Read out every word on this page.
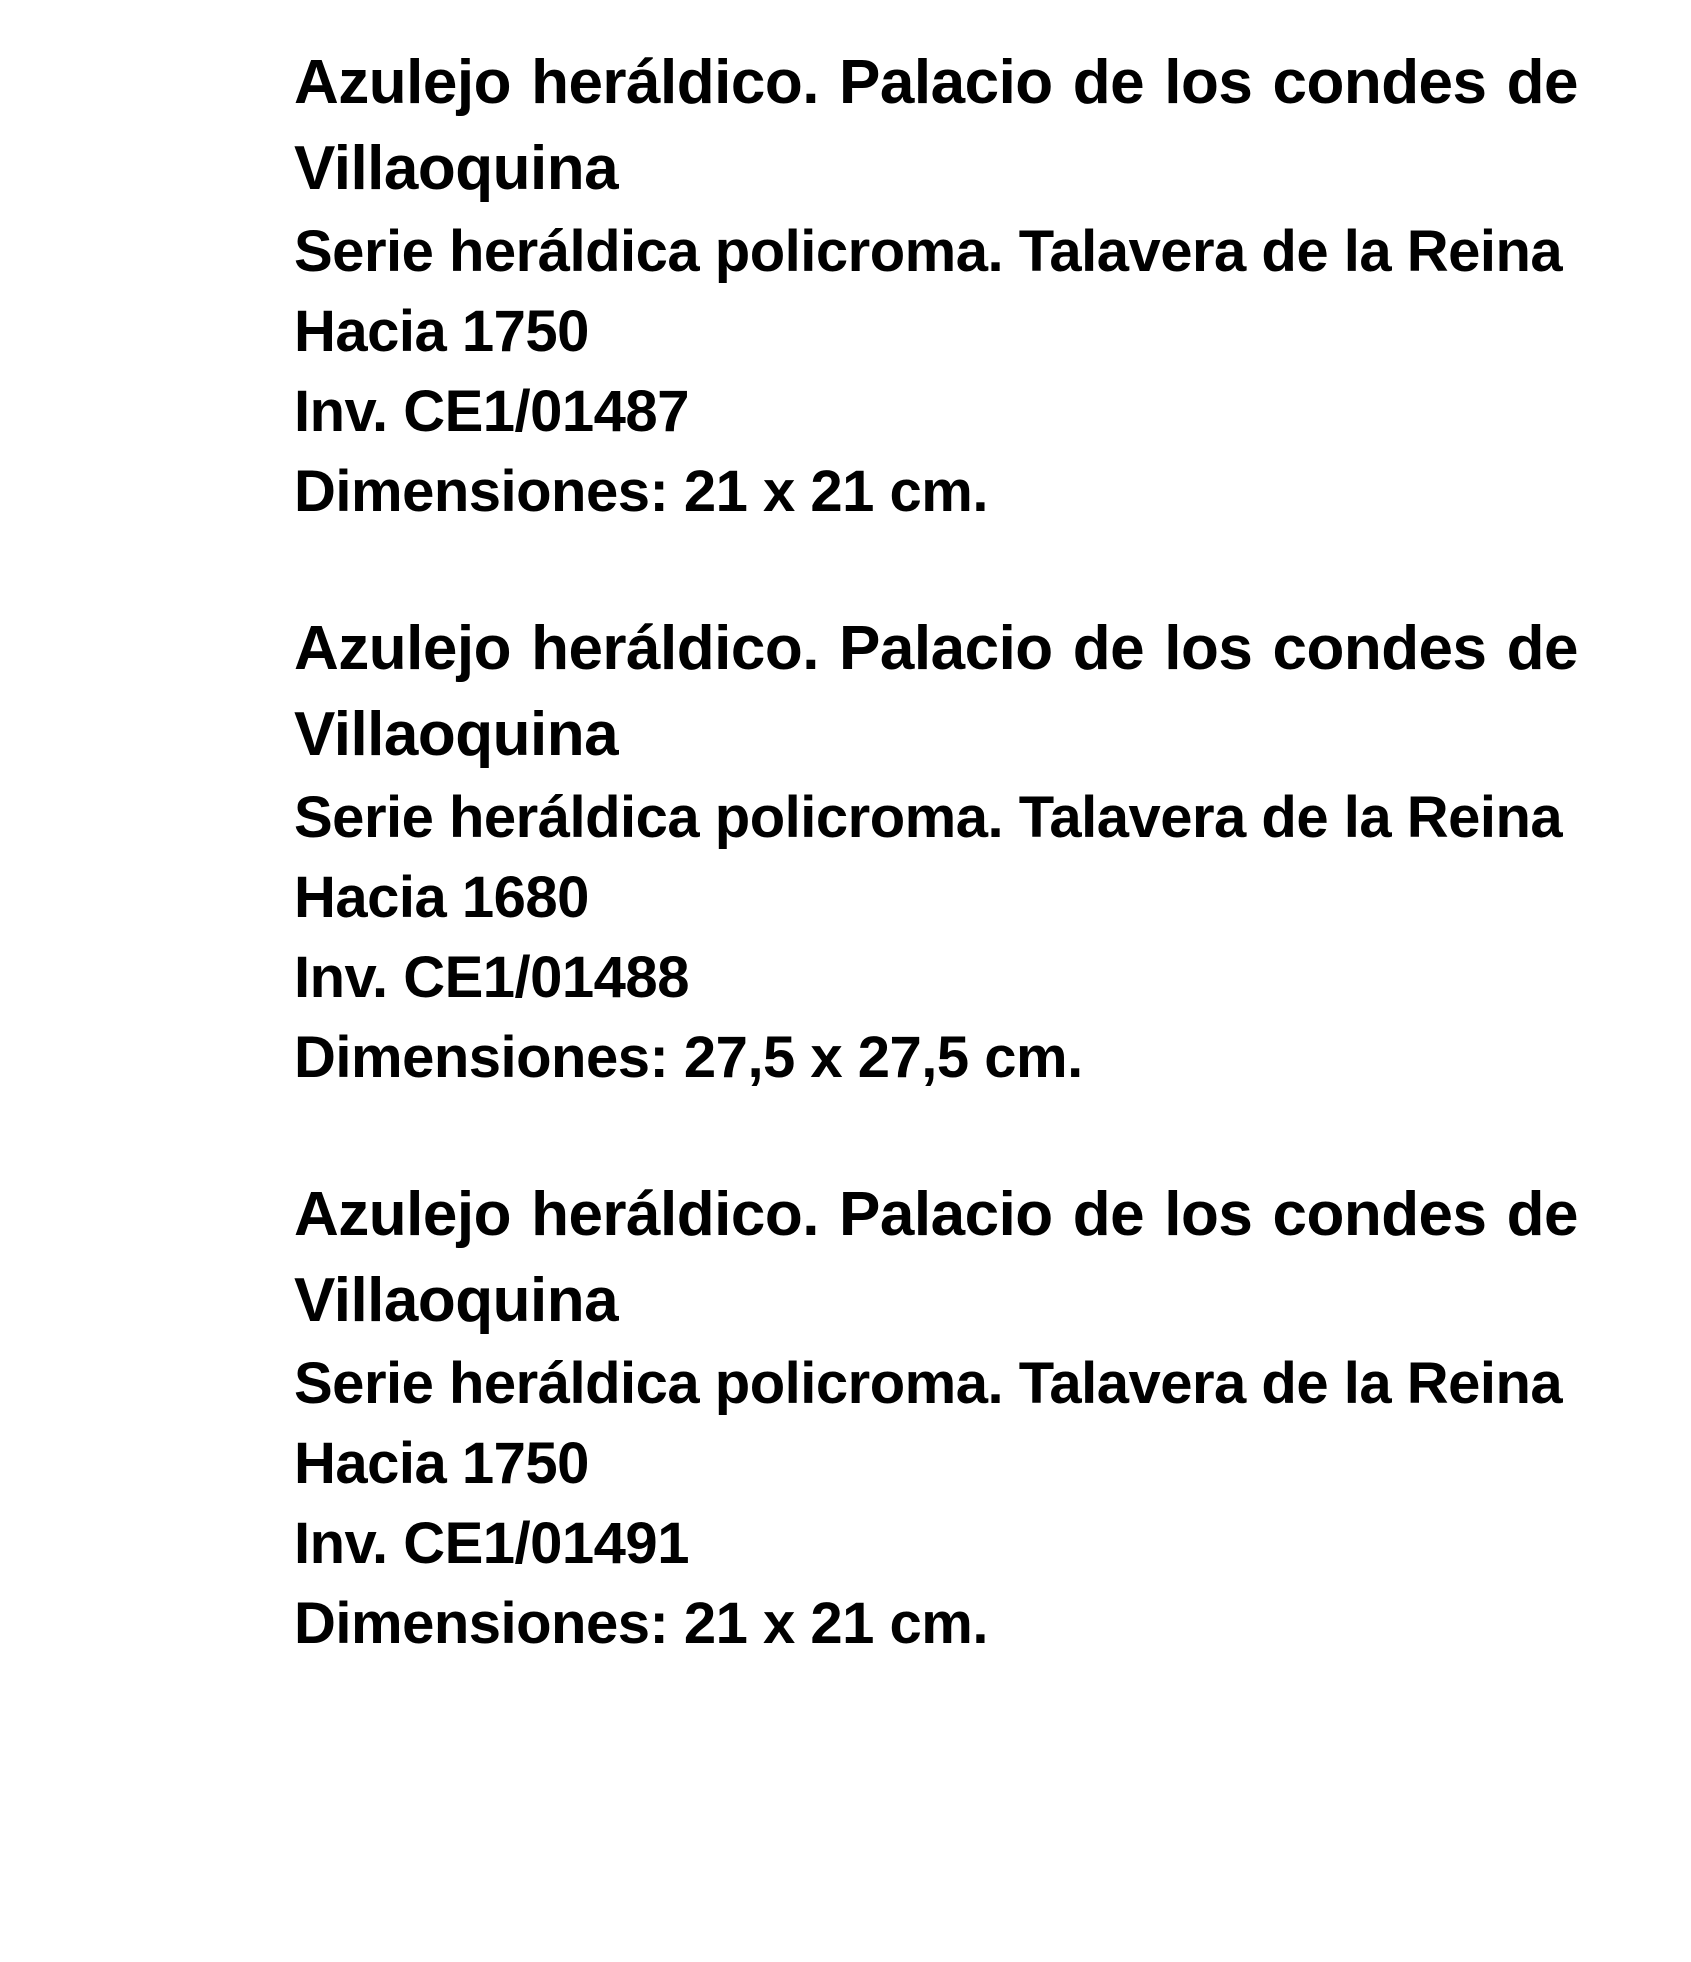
Azulejo heráldico. Palacio de los condes de Villaoquina

Serie heráldica policroma. Talavera de la Reina

Hacia 1750

Inv. CE1/01487

Dimensiones: 21 x 21 cm.

Azulejo heráldico. Palacio de los condes de Villaoquina

Serie heráldica policroma. Talavera de la Reina

Hacia 1680

Inv. CE1/01488

Dimensiones: 27,5 x 27,5 cm.

Azulejo heráldico. Palacio de los condes de Villaoquina

Serie heráldica policroma. Talavera de la Reina

Hacia 1750

Inv. CE1/01491

Dimensiones: 21 x 21 cm.
